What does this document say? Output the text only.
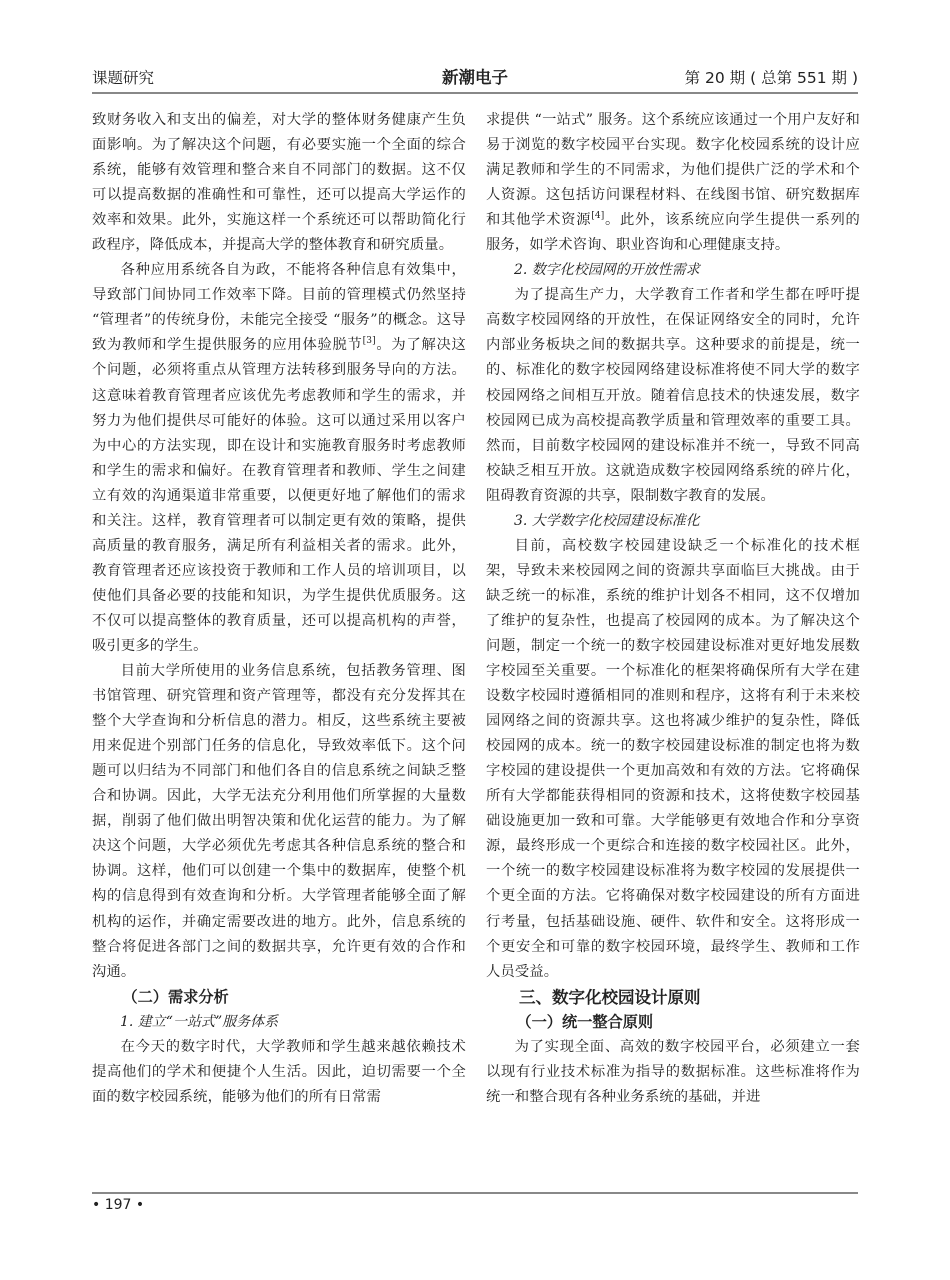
课题研究	新潮电子	第 20 期 ( 总第 551 期 )

致财务收入和支出的偏差，对大学的整体财务健康产生负面影响。为了解决这个问题，有必要实施一个全面的综合系统，能够有效管理和整合来自不同部门的数据。这不仅可以提高数据的准确性和可靠性，还可以提高大学运作的效率和效果。此外，实施这样一个系统还可以帮助简化行政程序，降低成本，并提高大学的整体教育和研究质量。

各种应用系统各自为政，不能将各种信息有效集中，导致部门间协同工作效率下降。目前的管理模式仍然坚持 “管理者”的传统身份，未能完全接受 “服务”的概念。这导致为教师和学生提供服务的应用体验脱节[3]。为了解决这个问题，必须将重点从管理方法转移到服务导向的方法。这意味着教育管理者应该优先考虑教师和学生的需求，并努力为他们提供尽可能好的体验。这可以通过采用以客户为中心的方法实现，即在设计和实施教育服务时考虑教师和学生的需求和偏好。在教育管理者和教师、学生之间建立有效的沟通渠道非常重要，以便更好地了解他们的需求和关注。这样，教育管理者可以制定更有效的策略，提供高质量的教育服务，满足所有利益相关者的需求。此外，教育管理者还应该投资于教师和工作人员的培训项目，以使他们具备必要的技能和知识，为学生提供优质服务。这不仅可以提高整体的教育质量，还可以提高机构的声誉，吸引更多的学生。

目前大学所使用的业务信息系统，包括教务管理、图书馆管理、研究管理和资产管理等，都没有充分发挥其在整个大学查询和分析信息的潜力。相反，这些系统主要被用来促进个别部门任务的信息化，导致效率低下。这个问题可以归结为不同部门和他们各自的信息系统之间缺乏整合和协调。因此，大学无法充分利用他们所掌握的大量数据，削弱了他们做出明智决策和优化运营的能力。为了解决这个问题，大学必须优先考虑其各种信息系统的整合和协调。这样，他们可以创建一个集中的数据库，使整个机构的信息得到有效查询和分析。大学管理者能够全面了解机构的运作，并确定需要改进的地方。此外，信息系统的整合将促进各部门之间的数据共享，允许更有效的合作和沟通。

（二）需求分析
1. 建立“一站式”服务体系

在今天的数字时代，大学教师和学生越来越依赖技术提高他们的学术和便捷个人生活。因此，迫切需要一个全面的数字校园系统，能够为他们的所有日常需

求提供 “一站式” 服务。这个系统应该通过一个用户友好和易于浏览的数字校园平台实现。数字化校园系统的设计应满足教师和学生的不同需求，为他们提供广泛的学术和个人资源。这包括访问课程材料、在线图书馆、研究数据库和其他学术资源[4]。此外，该系统应向学生提供一系列的服务，如学术咨询、职业咨询和心理健康支持。

2. 数字化校园网的开放性需求

为了提高生产力，大学教育工作者和学生都在呼吁提高数字校园网络的开放性，在保证网络安全的同时，允许内部业务板块之间的数据共享。这种要求的前提是，统一的、标准化的数字校园网络建设标准将使不同大学的数字校园网络之间相互开放。随着信息技术的快速发展，数字校园网已成为高校提高教学质量和管理效率的重要工具。然而，目前数字校园网的建设标准并不统一，导致不同高校缺乏相互开放。这就造成数字校园网络系统的碎片化，阻碍教育资源的共享，限制数字教育的发展。

3. 大学数字化校园建设标准化

目前，高校数字校园建设缺乏一个标准化的技术框架，导致未来校园网之间的资源共享面临巨大挑战。由于缺乏统一的标准，系统的维护计划各不相同，这不仅增加了维护的复杂性，也提高了校园网的成本。为了解决这个问题，制定一个统一的数字校园建设标准对更好地发展数字校园至关重要。一个标准化的框架将确保所有大学在建设数字校园时遵循相同的准则和程序，这将有利于未来校园网络之间的资源共享。这也将减少维护的复杂性，降低校园网的成本。统一的数字校园建设标准的制定也将为数字校园的建设提供一个更加高效和有效的方法。它将确保所有大学都能获得相同的资源和技术，这将使数字校园基础设施更加一致和可靠。大学能够更有效地合作和分享资源，最终形成一个更综合和连接的数字校园社区。此外，一个统一的数字校园建设标准将为数字校园的发展提供一个更全面的方法。它将确保对数字校园建设的所有方面进行考量，包括基础设施、硬件、软件和安全。这将形成一个更安全和可靠的数字校园环境，最终学生、教师和工作人员受益。

三、数字化校园设计原则
（一）统一整合原则

为了实现全面、高效的数字校园平台，必须建立一套以现有行业技术标准为指导的数据标准。这些标准将作为统一和整合现有各种业务系统的基础，并进

• 197 •
